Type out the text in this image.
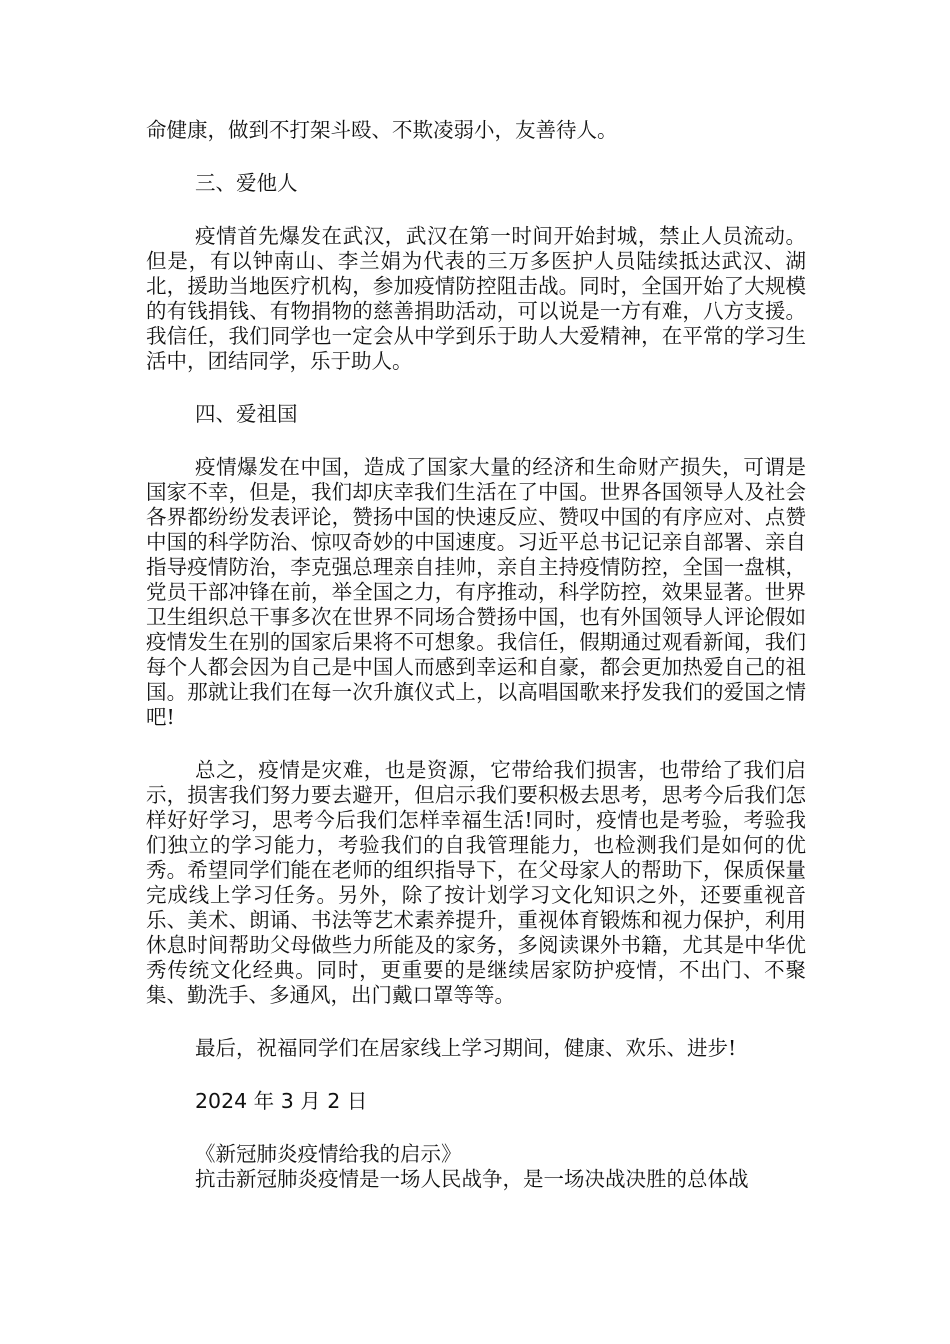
命健康，做到不打架斗殴、不欺凌弱小，友善待人。

三、爱他人

疫情首先爆发在武汉，武汉在第一时间开始封城，禁止人员流动。但是，有以钟南山、李兰娟为代表的三万多医护人员陆续抵达武汉、湖北，援助当地医疗机构，参加疫情防控阻击战。同时，全国开始了大规模的有钱捐钱、有物捐物的慈善捐助活动，可以说是一方有难，八方支援。我信任，我们同学也一定会从中学到乐于助人大爱精神，在平常的学习生活中，团结同学，乐于助人。

四、爱祖国

疫情爆发在中国，造成了国家大量的经济和生命财产损失，可谓是国家不幸，但是，我们却庆幸我们生活在了中国。世界各国领导人及社会各界都纷纷发表评论，赞扬中国的快速反应、赞叹中国的有序应对、点赞中国的科学防治、惊叹奇妙的中国速度。习近平总书记记亲自部署、亲自指导疫情防治，李克强总理亲自挂帅，亲自主持疫情防控，全国一盘棋，党员干部冲锋在前，举全国之力，有序推动，科学防控，效果显著。世界卫生组织总干事多次在世界不同场合赞扬中国，也有外国领导人评论假如疫情发生在别的国家后果将不可想象。我信任，假期通过观看新闻，我们每个人都会因为自己是中国人而感到幸运和自豪，都会更加热爱自己的祖国。那就让我们在每一次升旗仪式上，以高唱国歌来抒发我们的爱国之情吧!

总之，疫情是灾难，也是资源，它带给我们损害，也带给了我们启示，损害我们努力要去避开，但启示我们要积极去思考，思考今后我们怎样好好学习，思考今后我们怎样幸福生活!同时，疫情也是考验，考验我们独立的学习能力，考验我们的自我管理能力，也检测我们是如何的优秀。希望同学们能在老师的组织指导下，在父母家人的帮助下，保质保量完成线上学习任务。另外，除了按计划学习文化知识之外，还要重视音乐、美术、朗诵、书法等艺术素养提升，重视体育锻炼和视力保护，利用休息时间帮助父母做些力所能及的家务，多阅读课外书籍，尤其是中华优秀传统文化经典。同时，更重要的是继续居家防护疫情，不出门、不聚集、勤洗手、多通风，出门戴口罩等等。

最后，祝福同学们在居家线上学习期间，健康、欢乐、进步!

2024 年 3 月 2 日

《新冠肺炎疫情给我的启示》

抗击新冠肺炎疫情是一场人民战争，是一场决战决胜的总体战
